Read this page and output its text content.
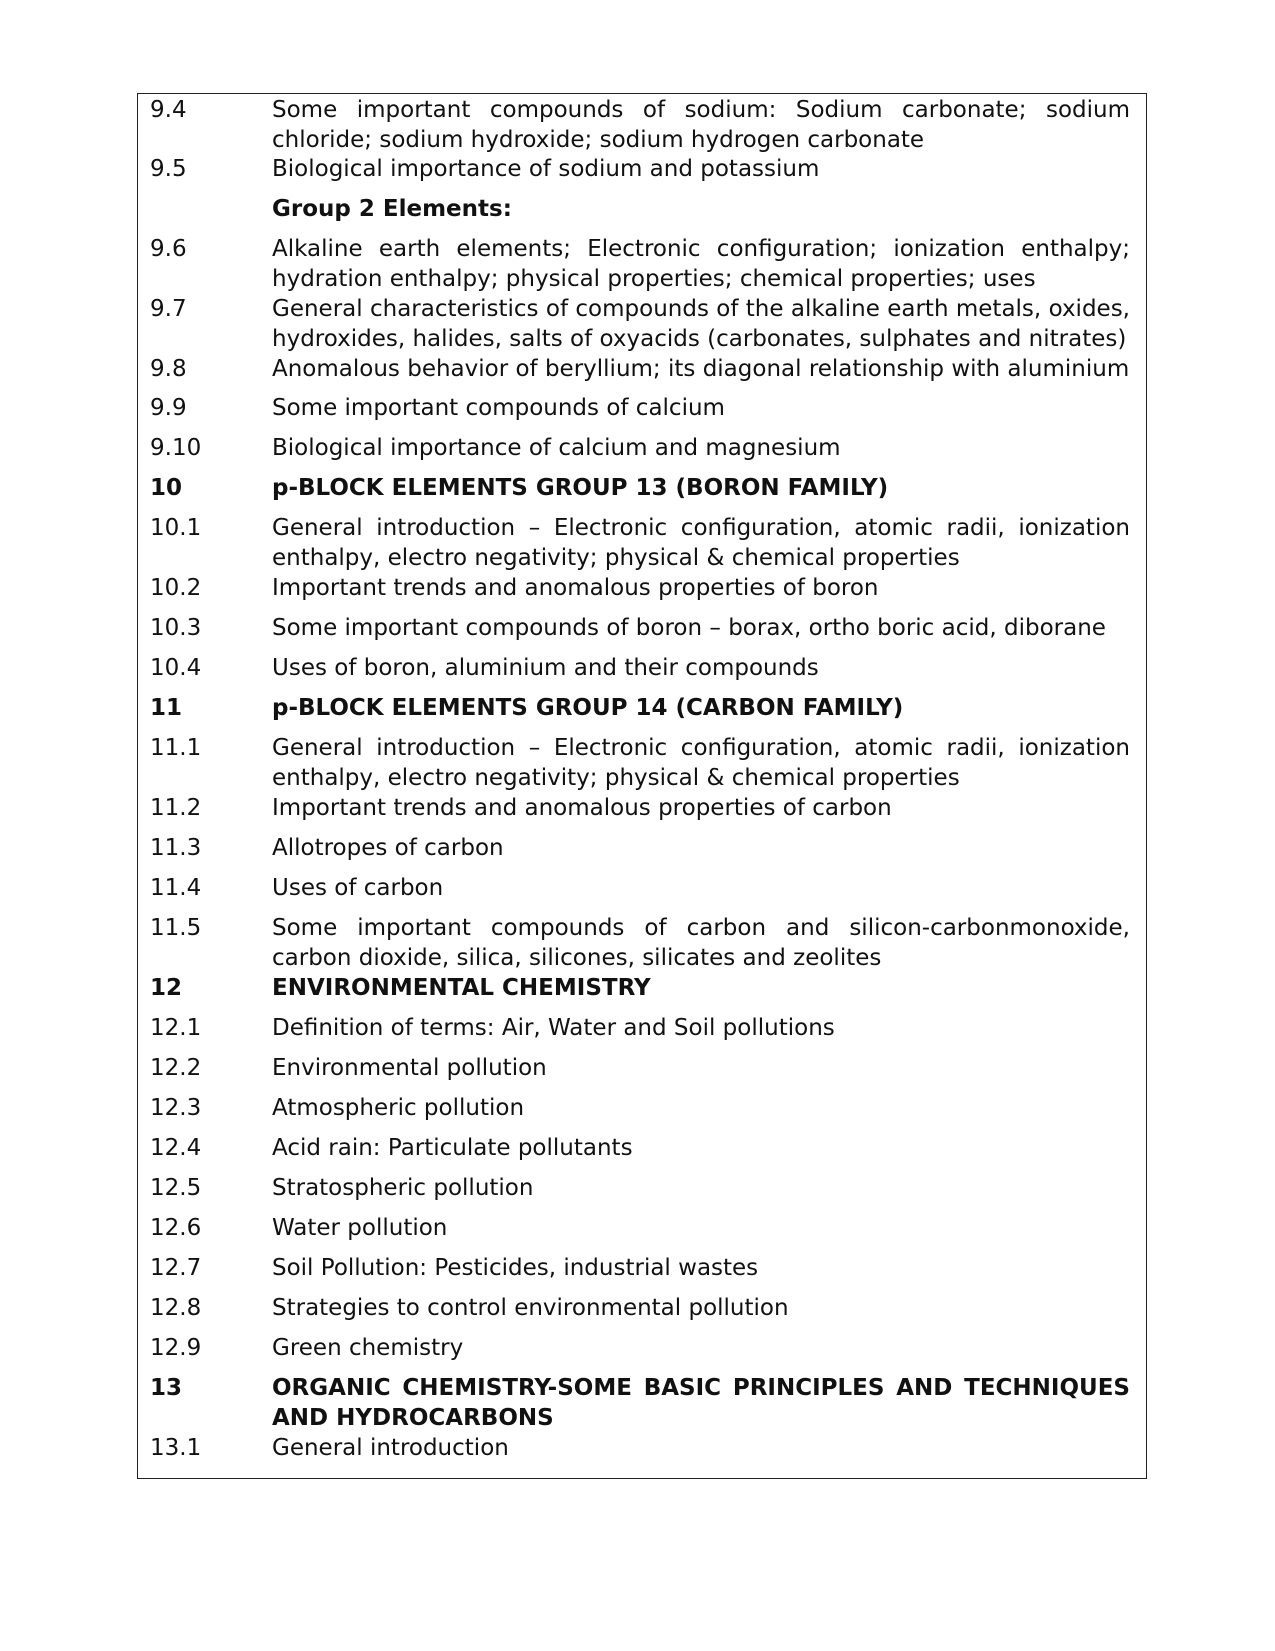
9.4	Some important compounds of sodium: Sodium carbonate; sodium chloride; sodium hydroxide; sodium hydrogen carbonate
9.5	Biological importance of sodium and potassium
Group 2 Elements:
9.6	Alkaline earth elements; Electronic configuration; ionization enthalpy; hydration enthalpy; physical properties; chemical properties; uses
9.7	General characteristics of compounds of the alkaline earth metals, oxides, hydroxides, halides, salts of oxyacids (carbonates, sulphates and nitrates)
9.8	Anomalous behavior of beryllium; its diagonal relationship with aluminium
9.9	Some important compounds of calcium
9.10	Biological importance of calcium and magnesium
10	p-BLOCK ELEMENTS GROUP 13 (BORON FAMILY)
10.1	General introduction – Electronic configuration, atomic radii, ionization enthalpy, electro negativity; physical & chemical properties
10.2	Important trends and anomalous properties of boron
10.3	Some important compounds of boron – borax, ortho boric acid, diborane
10.4	Uses of boron, aluminium and their compounds
11	p-BLOCK ELEMENTS GROUP 14 (CARBON FAMILY)
11.1	General introduction – Electronic configuration, atomic radii, ionization enthalpy, electro negativity; physical & chemical properties
11.2	Important trends and anomalous properties of carbon
11.3	Allotropes of carbon
11.4	Uses of carbon
11.5	Some important compounds of carbon and silicon-carbonmonoxide, carbon dioxide, silica, silicones, silicates and zeolites
12	ENVIRONMENTAL CHEMISTRY
12.1	Definition of terms: Air, Water and Soil pollutions
12.2	Environmental pollution
12.3	Atmospheric pollution
12.4	Acid rain: Particulate pollutants
12.5	Stratospheric pollution
12.6	Water pollution
12.7	Soil Pollution: Pesticides, industrial wastes
12.8	Strategies to control environmental pollution
12.9	Green chemistry
13	ORGANIC CHEMISTRY-SOME BASIC PRINCIPLES AND TECHNIQUES AND HYDROCARBONS
13.1	General introduction
